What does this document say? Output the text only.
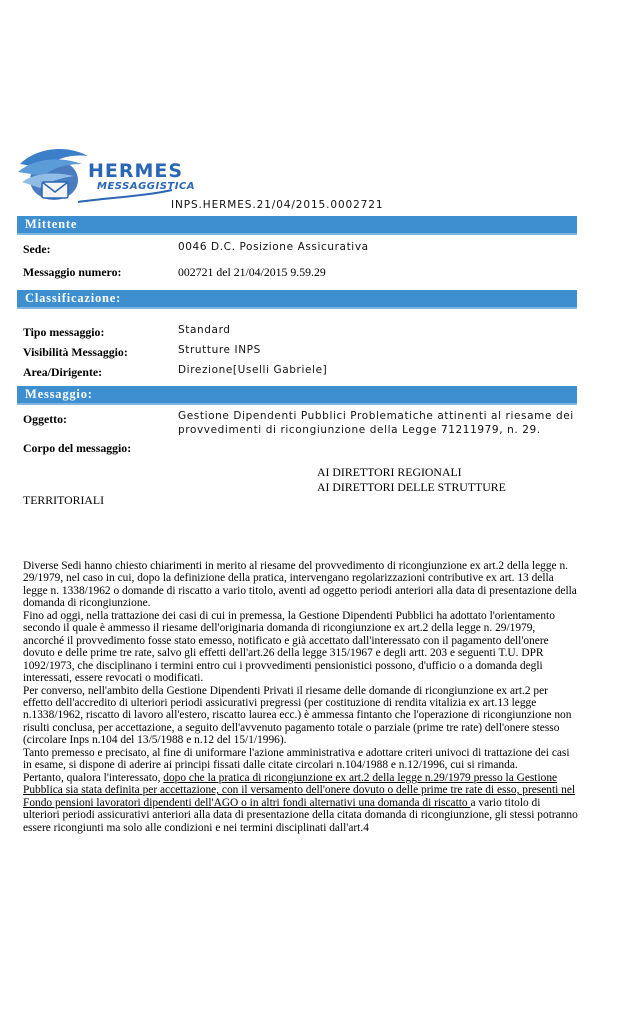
HERMES
MESSAGGISTICA
INPS.HERMES.21/04/2015.0002721
Mittente
Sede:	0046 D.C. Posizione Assicurativa
Messaggio numero:	002721 del 21/04/2015 9.59.29
Classificazione:
Tipo messaggio:	Standard
Visibilità Messaggio:	Strutture INPS
Area/Dirigente:	Direzione[Uselli Gabriele]
Messaggio:
Oggetto:	Gestione Dipendenti Pubblici Problematiche attinenti al riesame dei
provvedimenti di ricongiunzione della Legge 71211979, n. 29.
Corpo del messaggio:
AI DIRETTORI REGIONALI
AI DIRETTORI DELLE STRUTTURE
TERRITORIALI

Diverse Sedi hanno chiesto chiarimenti in merito al riesame del provvedimento di ricongiunzione ex art.2 della legge n. 29/1979, nel caso in cui, dopo la definizione della pratica, intervengano regolarizzazioni contributive ex art. 13 della legge n. 1338/1962 o domande di riscatto a vario titolo, aventi ad oggetto periodi anteriori alla data di presentazione della domanda di ricongiunzione.

Fino ad oggi, nella trattazione dei casi di cui in premessa, la Gestione Dipendenti Pubblici ha adottato l'orientamento secondo il quale è ammesso il riesame dell'originaria domanda di ricongiunzione ex art.2 della legge n. 29/1979, ancorché il provvedimento fosse stato emesso, notificato e già accettato dall'interessato con il pagamento dell'onere dovuto e delle prime tre rate, salvo gli effetti dell'art.26 della legge 315/1967 e degli artt. 203 e seguenti T.U. DPR 1092/1973, che disciplinano i termini entro cui i provvedimenti pensionistici possono, d'ufficio o a domanda degli interessati, essere revocati o modificati.

Per converso, nell'ambito della Gestione Dipendenti Privati il riesame delle domande di ricongiunzione ex art.2 per effetto dell'accredito di ulteriori periodi assicurativi pregressi (per costituzione di rendita vitalizia ex art.13 legge n.1338/1962, riscatto di lavoro all'estero, riscatto laurea ecc.) è ammessa fintanto che l'operazione di ricongiunzione non risulti conclusa, per accettazione, a seguito dell'avvenuto pagamento totale o parziale (prime tre rate) dell'onere stesso (circolare Inps n.104 del 13/5/1988 e n.12 del 15/1/1996).

Tanto premesso e precisato, al fine di uniformare l'azione amministrativa e adottare criteri univoci di trattazione dei casi in esame, si dispone di aderire ai principi fissati dalle citate circolari n.104/1988 e n.12/1996, cui si rimanda.

Pertanto, qualora l'interessato, dopo che la pratica di ricongiunzione ex art.2 della legge n.29/1979 presso la Gestione Pubblica sia stata definita per accettazione, con il versamento dell'onere dovuto o delle prime tre rate di esso, presenti nel Fondo pensioni lavoratori dipendenti dell'AGO o in altri fondi alternativi una domanda di riscatto a vario titolo di ulteriori periodi assicurativi anteriori alla data di presentazione della citata domanda di ricongiunzione, gli stessi potranno essere ricongiunti ma solo alle condizioni e nei termini disciplinati dall'art.4
